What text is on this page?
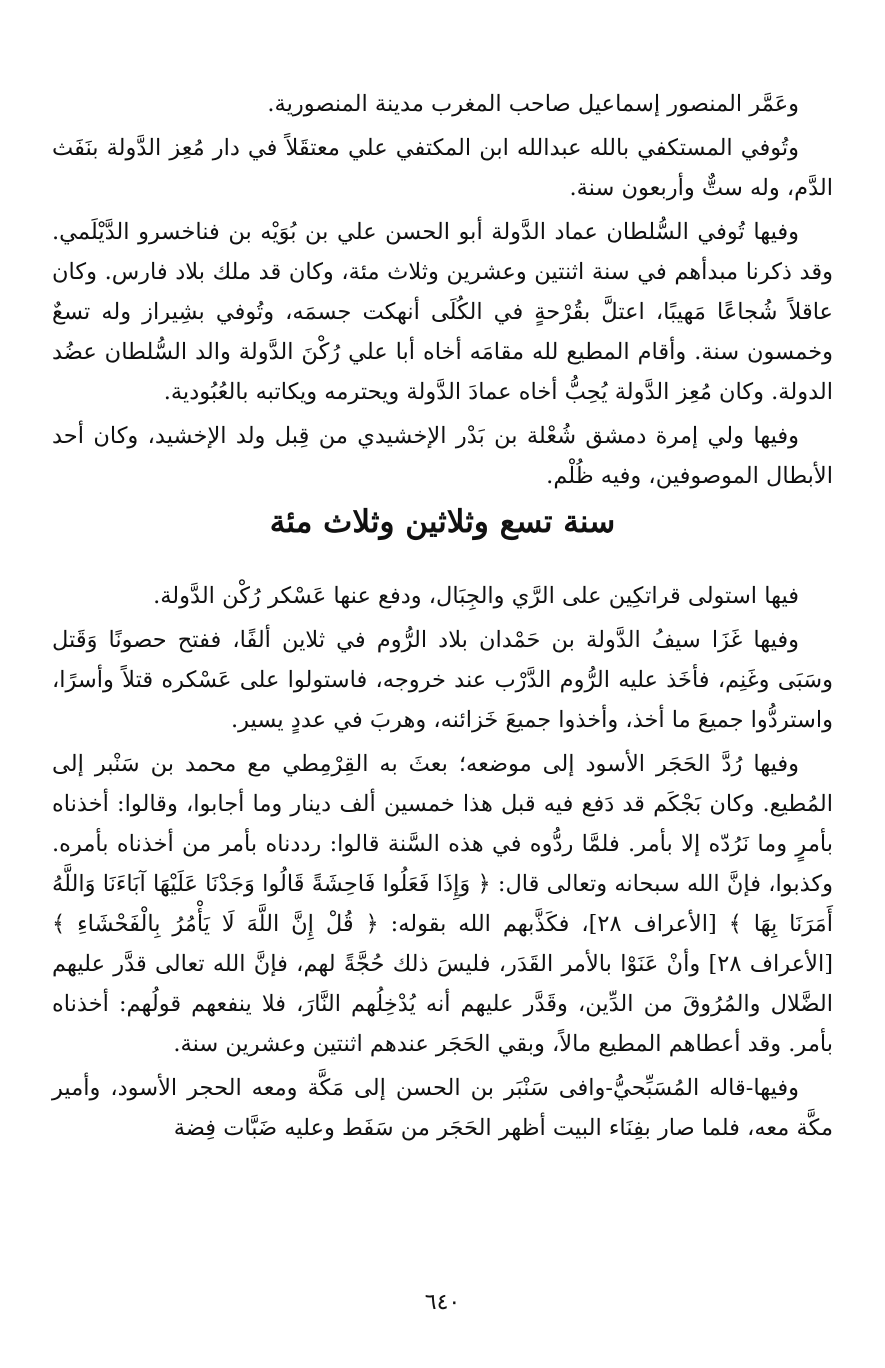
وعَمَّر المنصور إسماعيل صاحب المغرب مدينة المنصورية.

وتُوفي المستكفي بالله عبدالله ابن المكتفي علي معتقَلاً في دار مُعِز الدَّولة بنَفَث الدَّم، وله ستٌّ وأربعون سنة.

وفيها تُوفي السُّلطان عماد الدَّولة أبو الحسن علي بن بُوَيْه بن فناخسرو الدَّيْلَمي. وقد ذكرنا مبدأهم في سنة اثنتين وعشرين وثلاث مئة، وكان قد ملك بلاد فارس. وكان عاقلاً شُجاعًا مَهيبًا، اعتلَّ بقُرْحةٍ في الكُلَى أنهكت جسمَه، وتُوفي بشِيراز وله تسعٌ وخمسون سنة. وأقام المطيع لله مقامَه أخاه أبا علي رُكْنَ الدَّولة والد السُّلطان عضُد الدولة. وكان مُعِز الدَّولة يُحِبُّ أخاه عمادَ الدَّولة ويحترمه ويكاتبه بالعُبُودية.

وفيها ولي إمرة دمشق شُعْلة بن بَدْر الإخشيدي من قِبل ولد الإخشيد، وكان أحد الأبطال الموصوفين، وفيه ظُلْم.

سنة تسع وثلاثين وثلاث مئة

فيها استولى قراتكِين على الرَّي والجِبَال، ودفع عنها عَسْكر رُكْن الدَّولة.

وفيها غَزَا سيفُ الدَّولة بن حَمْدان بلاد الرُّوم في ثلاين ألفًا، ففتح حصونًا وَقَتل وسَبَى وغَنِم، فأخَذ عليه الرُّوم الدَّرْب عند خروجه، فاستولوا على عَسْكره قتلاً وأسرًا، واستردُّوا جميعَ ما أخذ، وأخذوا جميعَ خَزائنه، وهربَ في عددٍ يسير.

وفيها رُدَّ الحَجَر الأسود إلى موضعه؛ بعثَ به القِرْمِطي مع محمد بن سَنْبر إلى المُطيع. وكان بَجْكَم قد دَفع فيه قبل هذا خمسين ألف دينار وما أجابوا، وقالوا: أخذناه بأمرٍ وما نَرُدّه إلا بأمر. فلمَّا ردُّوه في هذه السَّنة قالوا: رددناه بأمر من أخذناه بأمره. وكذبوا، فإنَّ الله سبحانه وتعالى قال: ﴿ وَإِذَا فَعَلُوا فَاحِشَةً قَالُوا وَجَدْنَا عَلَيْهَا آبَاءَنَا وَاللَّهُ أَمَرَنَا بِهَا ﴾ [الأعراف ٢٨]، فكَذَّبهم الله بقوله: ﴿ قُلْ إِنَّ اللَّهَ لَا يَأْمُرُ بِالْفَحْشَاءِ ﴾ [الأعراف ٢٨] وأنْ عَنَوْا بالأمر القَدَر، فليسَ ذلك حُجَّةً لهم، فإنَّ الله تعالى قدَّر عليهم الضَّلال والمُرُوقَ من الدِّين، وقَدَّر عليهم أنه يُدْخِلُهم النَّارَ، فلا ينفعهم قولُهم: أخذناه بأمر. وقد أعطاهم المطيع مالاً، وبقي الحَجَر عندهم اثنتين وعشرين سنة.

وفيها-قاله المُسَبِّحيُّ-وافى سَنْبَر بن الحسن إلى مَكَّة ومعه الحجر الأسود، وأمير مكَّة معه، فلما صار بفِنَاء البيت أظهر الحَجَر من سَفَط وعليه ضَبَّات فِضة

٦٤٠
